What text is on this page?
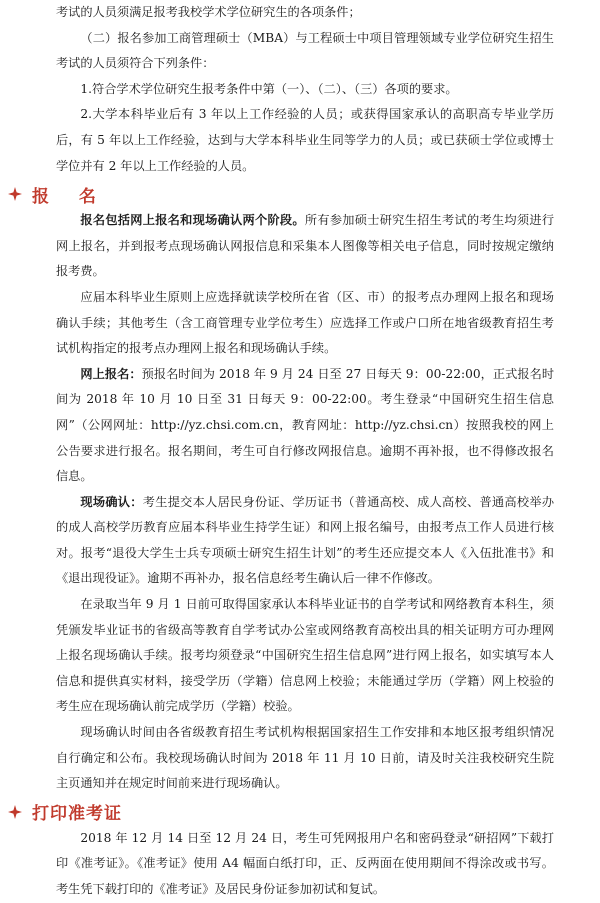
考试的人员须满足报考我校学术学位研究生的各项条件；

（二）报名参加工商管理硕士（MBA）与工程硕士中项目管理领域专业学位研究生招生考试的人员须符合下列条件：

1.符合学术学位研究生报考条件中第（一）、（二）、（三）各项的要求。

2.大学本科毕业后有 3 年以上工作经验的人员；或获得国家承认的高职高专毕业学历后，有 5 年以上工作经验，达到与大学本科毕业生同等学力的人员；或已获硕士学位或博士学位并有 2 年以上工作经验的人员。

报 名

报名包括网上报名和现场确认两个阶段。所有参加硕士研究生招生考试的考生均须进行网上报名，并到报考点现场确认网报信息和采集本人图像等相关电子信息，同时按规定缴纳报考费。

应届本科毕业生原则上应选择就读学校所在省（区、市）的报考点办理网上报名和现场确认手续；其他考生（含工商管理专业学位考生）应选择工作或户口所在地省级教育招生考试机构指定的报考点办理网上报名和现场确认手续。

网上报名：预报名时间为 2018 年 9 月 24 日至 27 日每天 9：00-22:00，正式报名时间为 2018 年 10 月 10 日至 31 日每天 9：00-22:00。考生登录“中国研究生招生信息网”（公网网址：http://yz.chsi.com.cn，教育网址：http://yz.chsi.cn）按照我校的网上公告要求进行报名。报名期间，考生可自行修改网报信息。逾期不再补报，也不得修改报名信息。

现场确认：考生提交本人居民身份证、学历证书（普通高校、成人高校、普通高校举办的成人高校学历教育应届本科毕业生持学生证）和网上报名编号，由报考点工作人员进行核对。报考“退役大学生士兵专项硕士研究生招生计划”的考生还应提交本人《入伍批准书》和《退出现役证》。逾期不再补办，报名信息经考生确认后一律不作修改。

在录取当年 9 月 1 日前可取得国家承认本科毕业证书的自学考试和网络教育本科生，须凭颁发毕业证书的省级高等教育自学考试办公室或网络教育高校出具的相关证明方可办理网上报名现场确认手续。报考均须登录“中国研究生招生信息网”进行网上报名，如实填写本人信息和提供真实材料，接受学历（学籍）信息网上校验；未能通过学历（学籍）网上校验的考生应在现场确认前完成学历（学籍）校验。

现场确认时间由各省级教育招生考试机构根据国家招生工作安排和本地区报考组织情况自行确定和公布。我校现场确认时间为 2018 年 11 月 10 日前，请及时关注我校研究生院主页通知并在规定时间前来进行现场确认。

打印准考证

2018 年 12 月 14 日至 12 月 24 日，考生可凭网报用户名和密码登录“研招网”下载打印《准考证》。《准考证》使用 A4 幅面白纸打印，正、反两面在使用期间不得涂改或书写。考生凭下载打印的《准考证》及居民身份证参加初试和复试。
